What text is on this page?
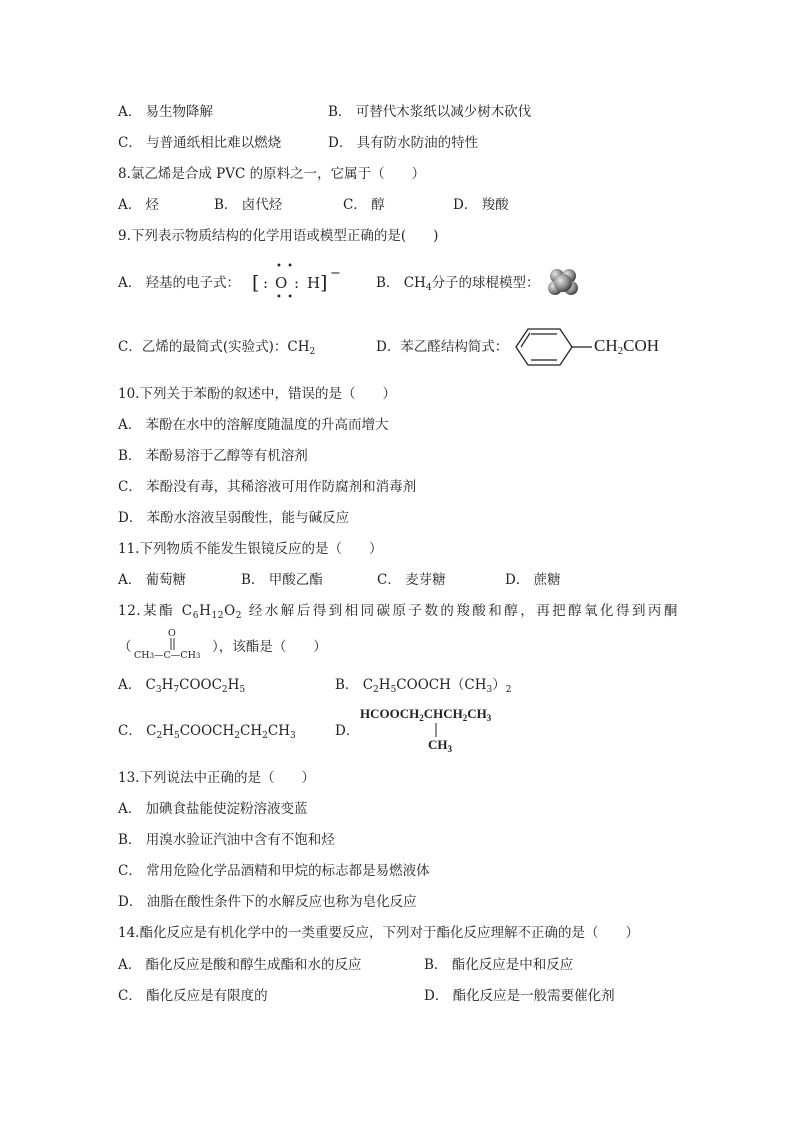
A． 易生物降解	B． 可替代木浆纸以减少树木砍伐
C． 与普通纸相比难以燃烧	D． 具有防水防油的特性
8.氯乙烯是合成 PVC 的原料之一，它属于（　　）
A． 烃	B． 卤代烃	C． 醇	D． 羧酸
9.下列表示物质结构的化学用语或模型正确的是(　　)
A． 羟基的电子式： [ :
• •
• •
O : H ] −
B． $CH_4$分子的球棍模型：
C．乙烯的最简式(实验式)：$CH_2$	D．苯乙醛结构简式：	$CH_2COH$
10.下列关于苯酚的叙述中，错误的是（　　）
A． 苯酚在水中的溶解度随温度的升高而增大
B． 苯酚易溶于乙醇等有机溶剂
C． 苯酚没有毒，其稀溶液可用作防腐剂和消毒剂
D． 苯酚水溶液呈弱酸性，能与碱反应
11.下列物质不能发生银镜反应的是（　　）
A． 葡萄糖	B． 甲酸乙酯	C． 麦芽糖	D． 蔗糖
12.某酯 $C_6H_{12}O_2$ 经水解后得到相同碳原子数的羧酸和醇，再把醇氧化得到丙酮
（
O
CH3—C—CH3
），该酯是（　　）
A． $C_3H_7COOC_2H_5$	B． $C_2H_5COOCH(CH_3)_2$
C． $C_2H_5COOCH_2CH_2CH_3$	D．
$HCOOCH_2CHCH_2CH_3$
$CH_3$
13.下列说法中正确的是（　　）
A． 加碘食盐能使淀粉溶液变蓝
B． 用溴水验证汽油中含有不饱和烃
C． 常用危险化学品酒精和甲烷的标志都是易燃液体
D． 油脂在酸性条件下的水解反应也称为皂化反应
14.酯化反应是有机化学中的一类重要反应，下列对于酯化反应理解不正确的是（　　）
A． 酯化反应是酸和醇生成酯和水的反应	B． 酯化反应是中和反应
C． 酯化反应是有限度的	D． 酯化反应是一般需要催化剂
